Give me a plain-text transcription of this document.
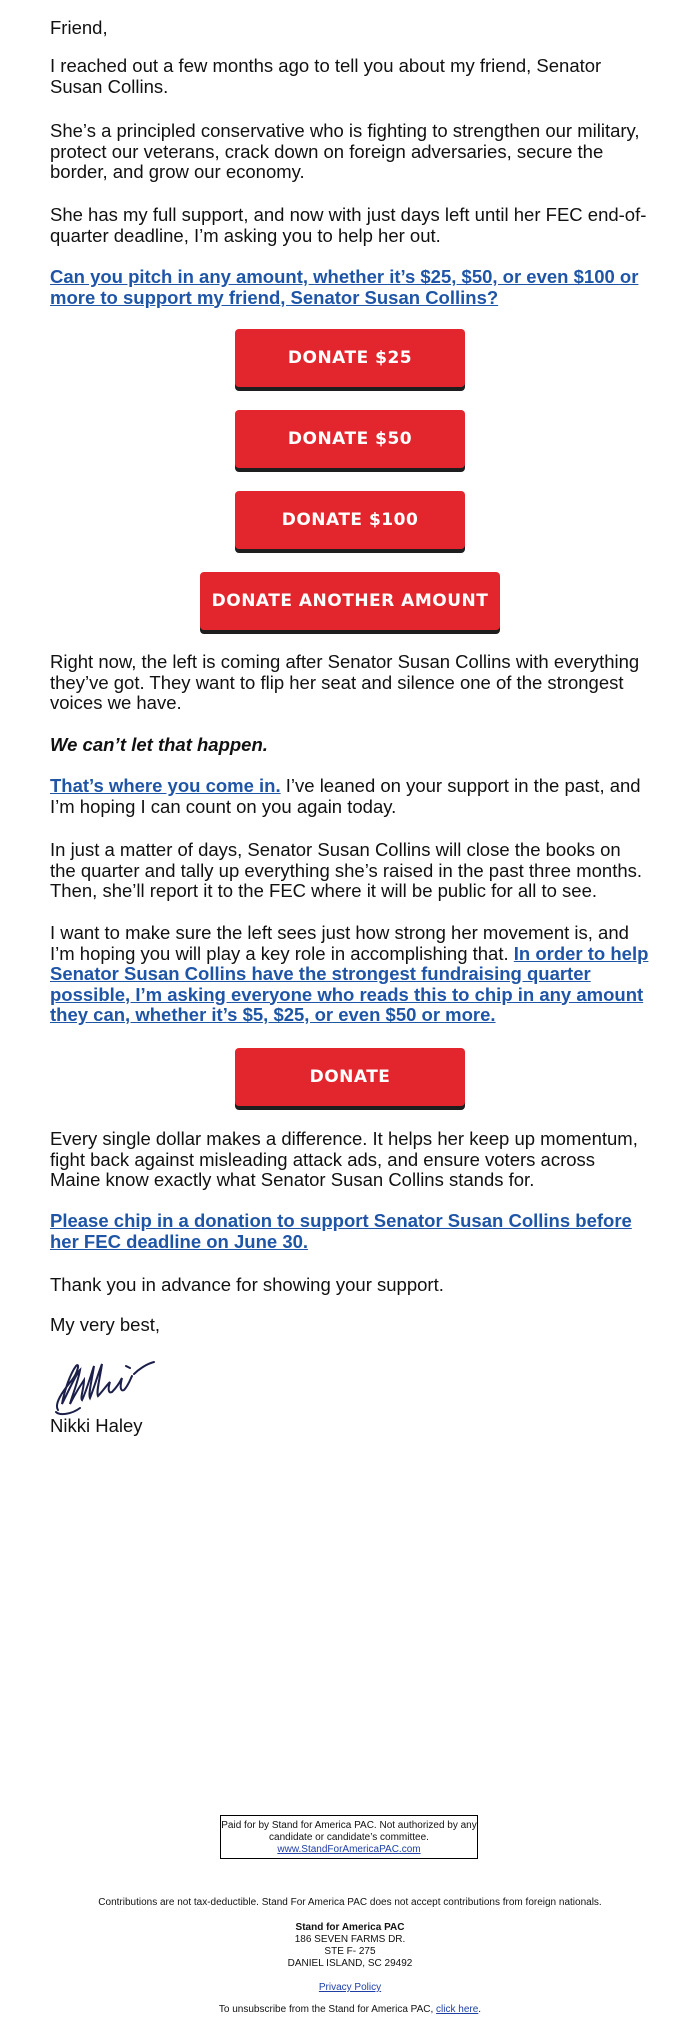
Friend,

I reached out a few months ago to tell you about my friend, Senator Susan Collins.

She’s a principled conservative who is fighting to strengthen our military, protect our veterans, crack down on foreign adversaries, secure the border, and grow our economy.

She has my full support, and now with just days left until her FEC end-of-quarter deadline, I’m asking you to help her out.

Can you pitch in any amount, whether it’s $25, $50, or even $100 or more to support my friend, Senator Susan Collins?

DONATE $25
DONATE $50
DONATE $100
DONATE ANOTHER AMOUNT

Right now, the left is coming after Senator Susan Collins with everything they’ve got. They want to flip her seat and silence one of the strongest voices we have.

We can’t let that happen.

That’s where you come in. I’ve leaned on your support in the past, and I’m hoping I can count on you again today.

In just a matter of days, Senator Susan Collins will close the books on the quarter and tally up everything she’s raised in the past three months. Then, she’ll report it to the FEC where it will be public for all to see.

I want to make sure the left sees just how strong her movement is, and I’m hoping you will play a key role in accomplishing that. In order to help Senator Susan Collins have the strongest fundraising quarter possible, I’m asking everyone who reads this to chip in any amount they can, whether it’s $5, $25, or even $50 or more.

DONATE

Every single dollar makes a difference. It helps her keep up momentum, fight back against misleading attack ads, and ensure voters across Maine know exactly what Senator Susan Collins stands for.

Please chip in a donation to support Senator Susan Collins before her FEC deadline on June 30.

Thank you in advance for showing your support.

My very best,

Nikki Haley

Paid for by Stand for America PAC. Not authorized by any candidate or candidate’s committee.
www.StandForAmericaPAC.com
Contributions are not tax-deductible. Stand For America PAC does not accept contributions from foreign nationals.
Stand for America PAC
186 SEVEN FARMS DR.
STE F- 275
DANIEL ISLAND, SC 29492
Privacy Policy
To unsubscribe from the Stand for America PAC, click here.
